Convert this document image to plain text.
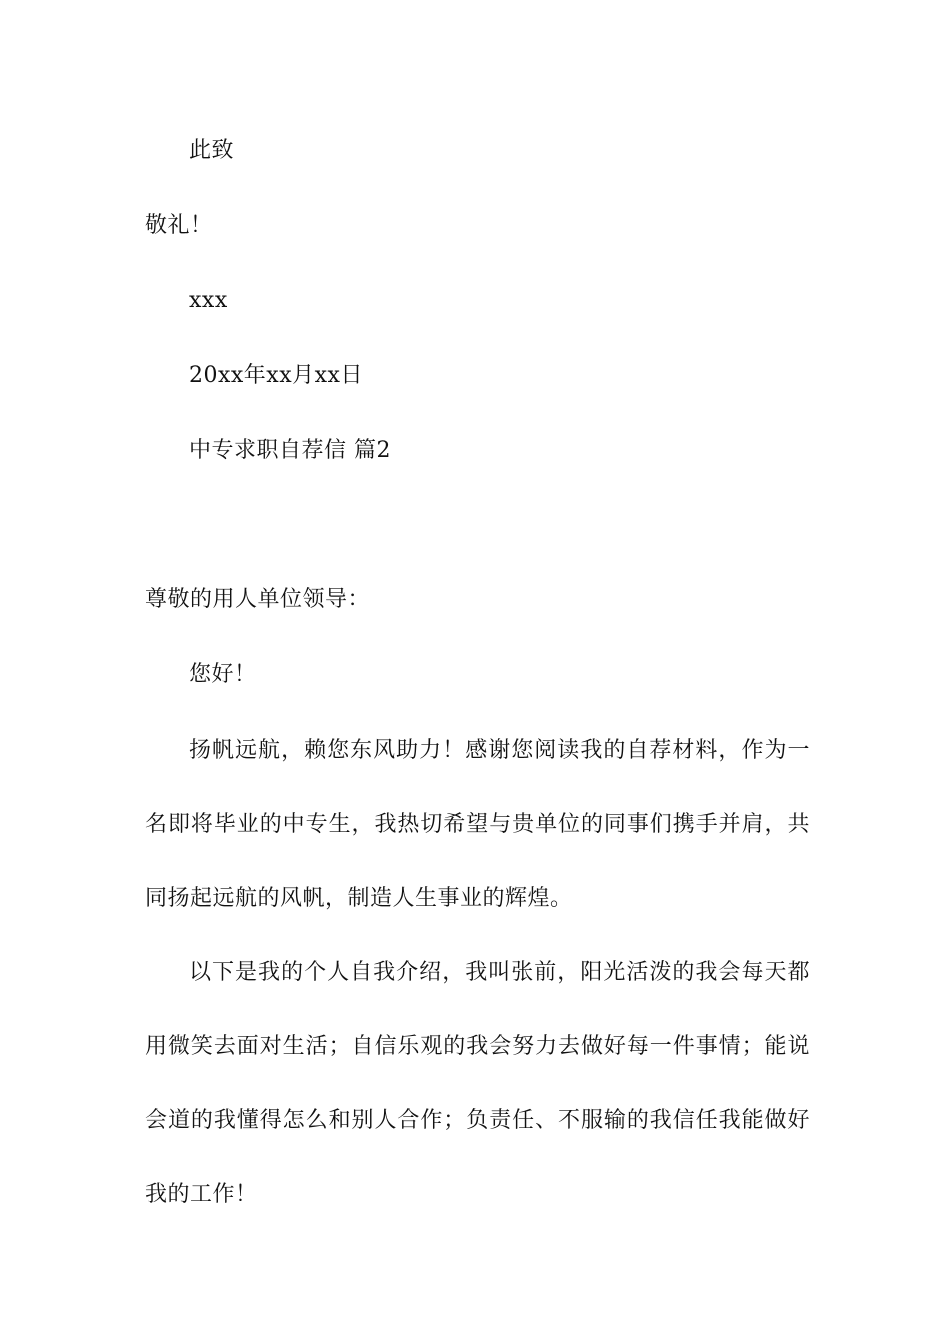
此致
敬礼！
xxx
20xx年xx月xx日
中专求职自荐信 篇2
尊敬的用人单位领导：
您好！
扬帆远航，赖您东风助力！感谢您阅读我的自荐材料，作为一名即将毕业的中专生，我热切希望与贵单位的同事们携手并肩，共同扬起远航的风帆，制造人生事业的辉煌。
以下是我的个人自我介绍，我叫张前，阳光活泼的我会每天都用微笑去面对生活；自信乐观的我会努力去做好每一件事情；能说会道的我懂得怎么和别人合作；负责任、不服输的我信任我能做好我的工作！
